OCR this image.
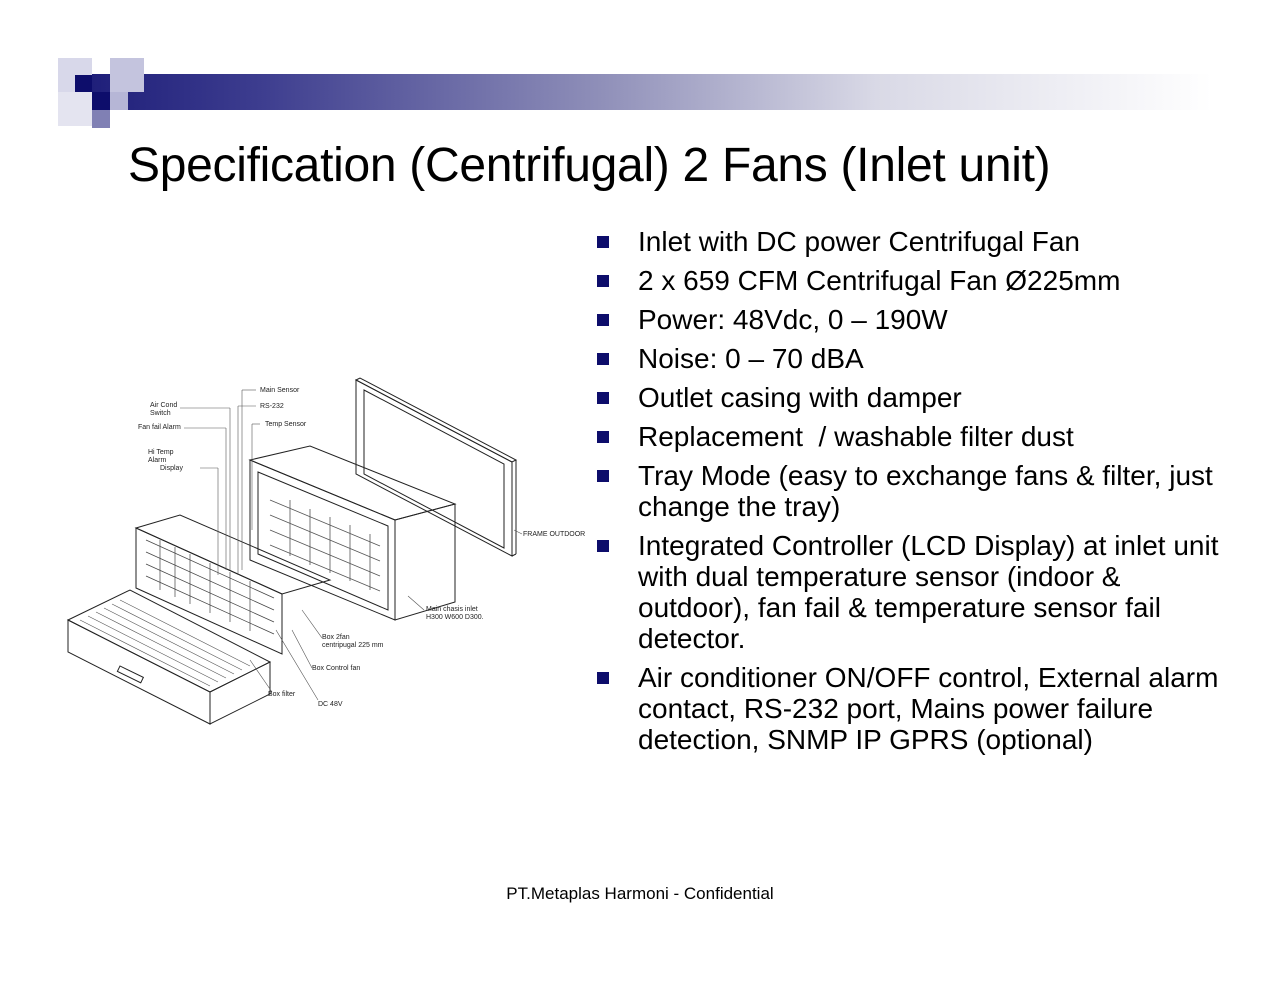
Specification (Centrifugal) 2 Fans (Inlet unit)
Main Sensor
RS-232
Temp Sensor
Air Cond
Switch
Fan fail Alarm
Hi Temp
Alarm
Display
FRAME OUTDOOR
Main chasis inlet
H300 W600 D300.
Box 2fan
centripugal 225 mm
Box Control fan
Box filter
DC 48V
Inlet with DC power Centrifugal Fan
2 x 659 CFM Centrifugal Fan Ø225mm
Power: 48Vdc, 0 – 190W
Noise: 0 – 70 dBA
Outlet casing with damper
Replacement  / washable filter dust
Tray Mode (easy to exchange fans & filter, just change the tray)
Integrated Controller (LCD Display) at inlet unit with dual temperature sensor (indoor & outdoor), fan fail & temperature sensor fail detector.
Air conditioner ON/OFF control, External alarm contact, RS-232 port, Mains power failure detection, SNMP IP GPRS (optional)
PT.Metaplas Harmoni - Confidential
